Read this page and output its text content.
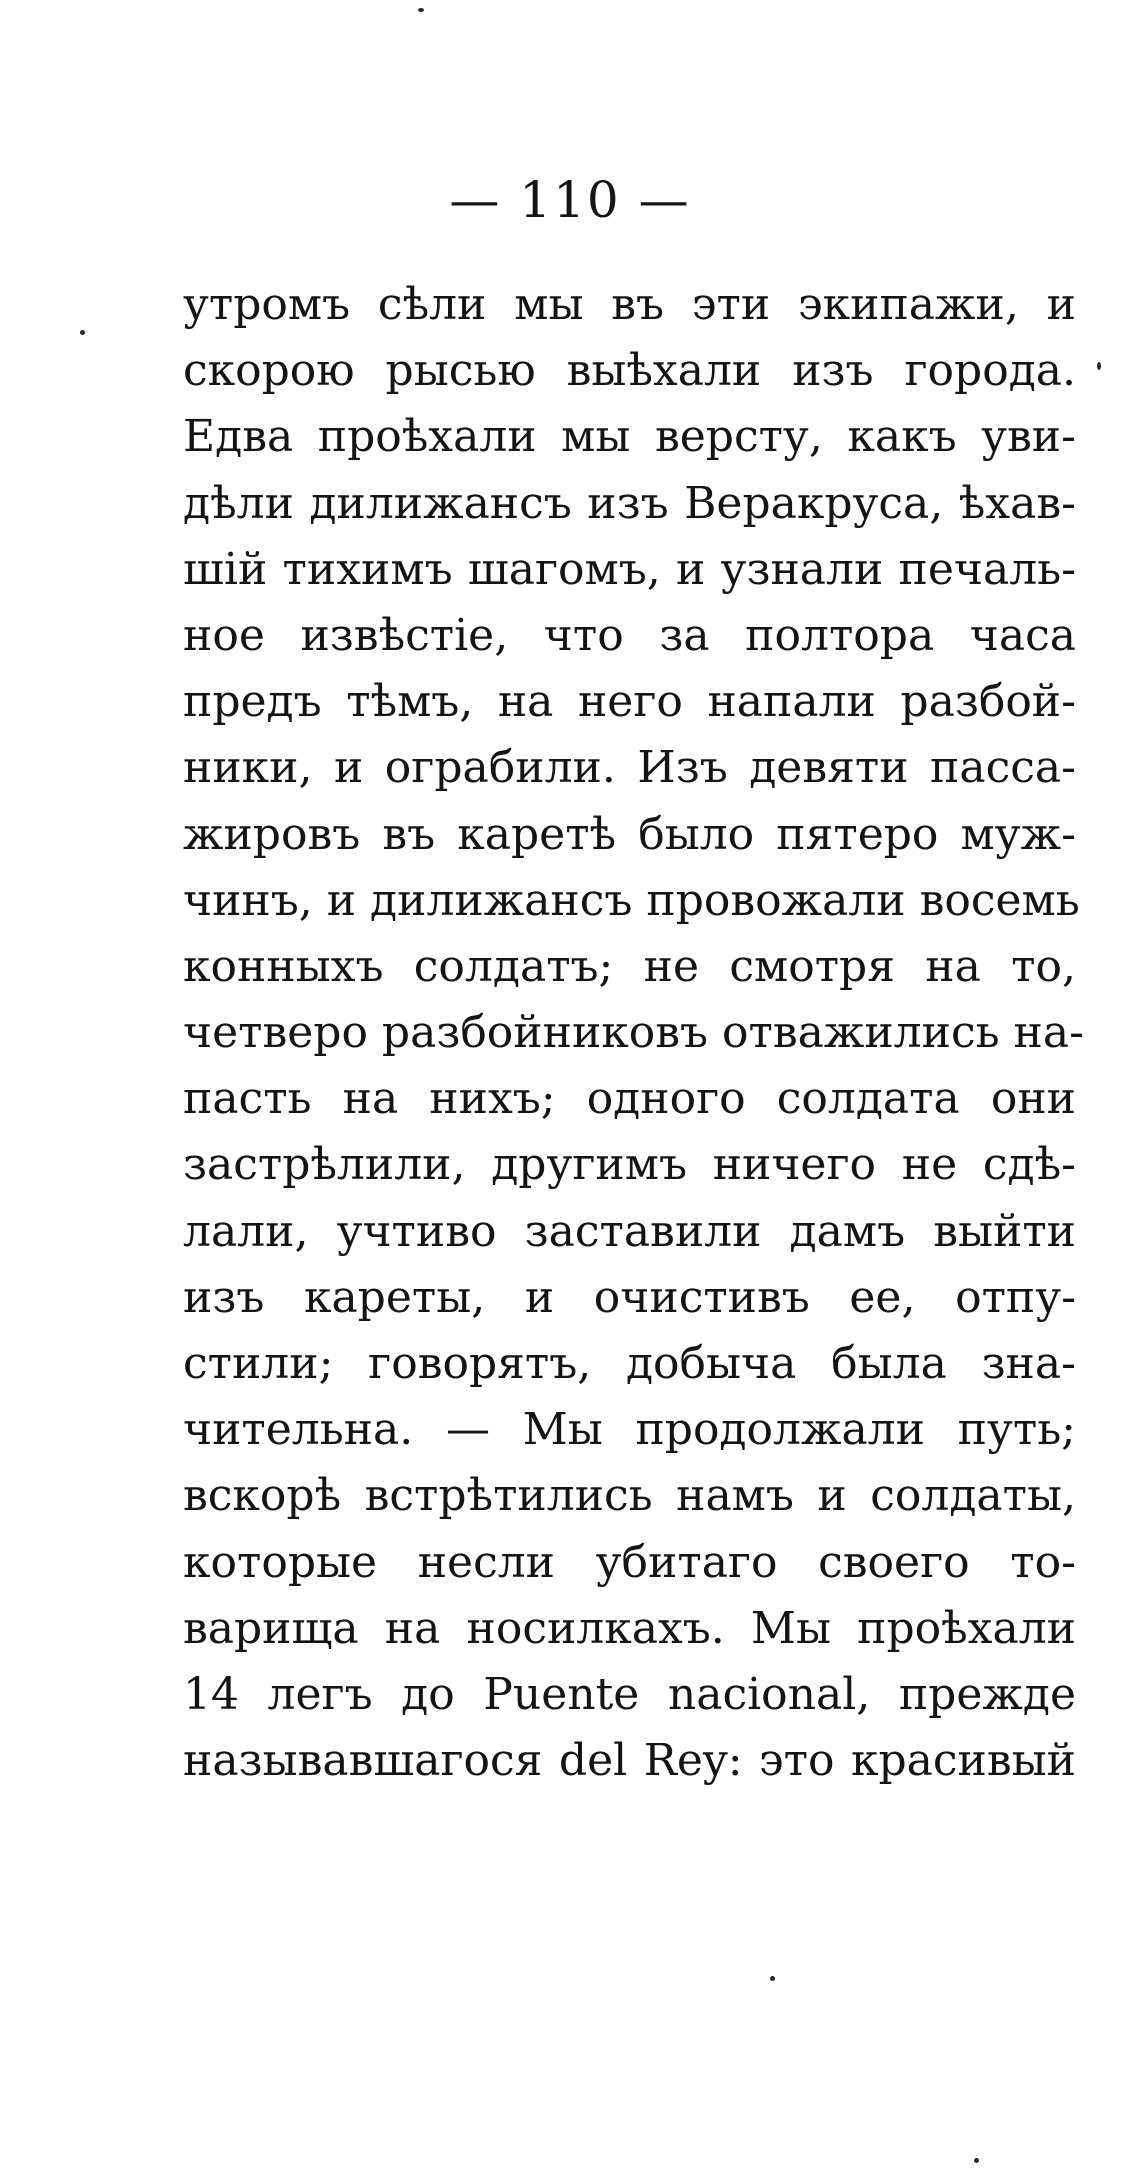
— 110 —
утромъ сѣли мы въ эти экипажи, и
скорою рысью выѣхали изъ города.
Едва проѣхали мы версту, какъ уви-
дѣли дилижансъ изъ Веракруса, ѣхав-
шій тихимъ шагомъ, и узнали печаль-
ное извѣстіе, что за полтора часа
предъ тѣмъ, на него напали разбой-
ники, и ограбили. Изъ девяти пасса-
жировъ въ каретѣ было пятеро муж-
чинъ, и дилижансъ провожали восемь
конныхъ солдатъ; не смотря на то,
четверо разбойниковъ отважились на-
пасть на нихъ; одного солдата они
застрѣлили, другимъ ничего не сдѣ-
лали, учтиво заставили дамъ выйти
изъ кареты, и очистивъ ее, отпу-
стили; говорятъ, добыча была зна-
чительна. — Мы продолжали путь;
вскорѣ встрѣтились намъ и солдаты,
которые несли убитаго своего то-
варища на носилкахъ. Мы проѣхали
14 легъ до Puente nacional, прежде
называвшагося del Rey: это красивый
